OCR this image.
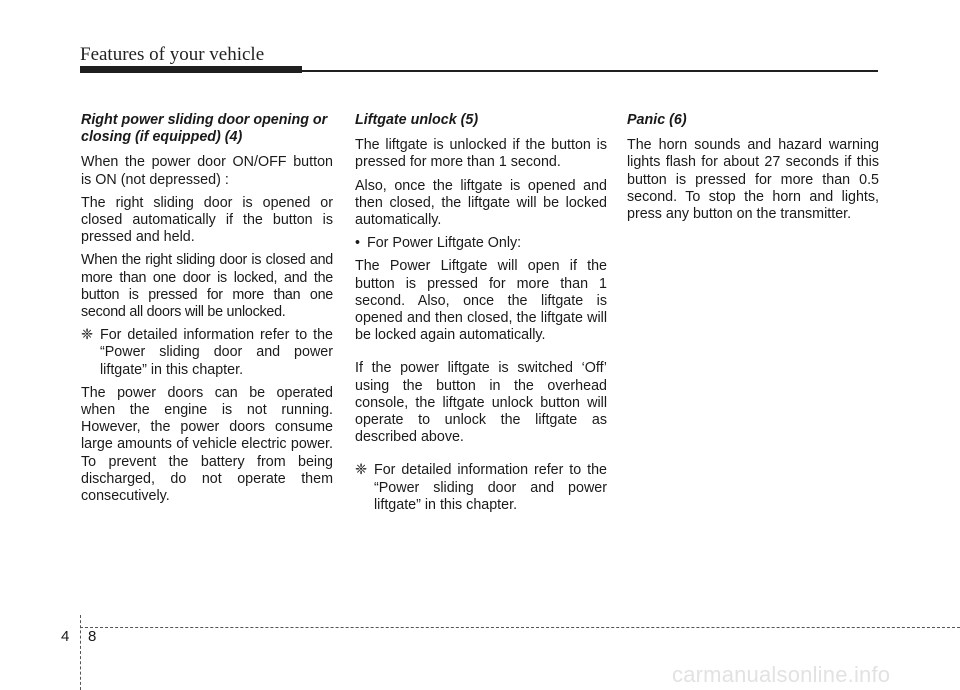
Features of your vehicle
Right power sliding door opening or closing (if equipped) (4)

When the power door ON/OFF button is ON (not depressed) :

The right sliding door is opened or closed automatically if the button is pressed and held.

When the right sliding door is closed and more than one door is locked, and the button is pressed for more than one second all doors will be unlocked.

❈ For detailed information refer to the “Power sliding door and power liftgate” in this chapter.

The power doors can be operated when the engine is not running. However, the power doors consume large amounts of vehicle electric power. To prevent the battery from being discharged, do not operate them consecutively.

Liftgate unlock (5)

The liftgate is unlocked if the button is pressed for more than 1 second.

Also, once the liftgate is opened and then closed, the liftgate will be locked automatically.

• For Power Liftgate Only:

The Power Liftgate will open if the button is pressed for more than 1 second. Also, once the liftgate is opened and then closed, the liftgate will be locked again automatically.

If the power liftgate is switched ‘Off’ using the button in the overhead console, the liftgate unlock button will operate to unlock the liftgate as described above.

❈ For detailed information refer to the “Power sliding door and power liftgate” in this chapter.
Panic (6)

The horn sounds and hazard warning lights flash for about 27 seconds if this button is pressed for more than 0.5 second. To stop the horn and lights, press any button on the transmitter.

4 8
carmanualsonline.info
